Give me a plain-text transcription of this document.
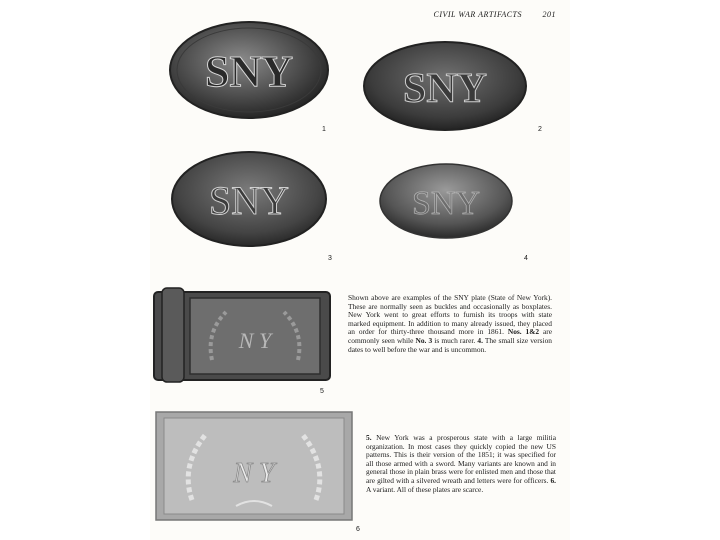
CIVIL WAR ARTIFACTS	201
SNY
1
SNY
2
SNY
3
SNY
4
N Y
5
Shown above are examples of the SNY plate (State of New York). These are normally seen as buckles and occasionally as boxplates. New York went to great efforts to furnish its troops with state marked equipment. In addition to many already issued, they placed an order for thirty-three thousand more in 1861. Nos. 1&2 are commonly seen while No. 3 is much rarer. 4. The small size version dates to well before the war and is uncommon.
N Y
6
5. New York was a prosperous state with a large militia organization. In most cases they quickly copied the new US patterns. This is their version of the 1851; it was specified for all those armed with a sword. Many variants are known and in general those in plain brass were for enlisted men and those that are gilted with a silvered wreath and letters were for officers. 6. A variant. All of these plates are scarce.
